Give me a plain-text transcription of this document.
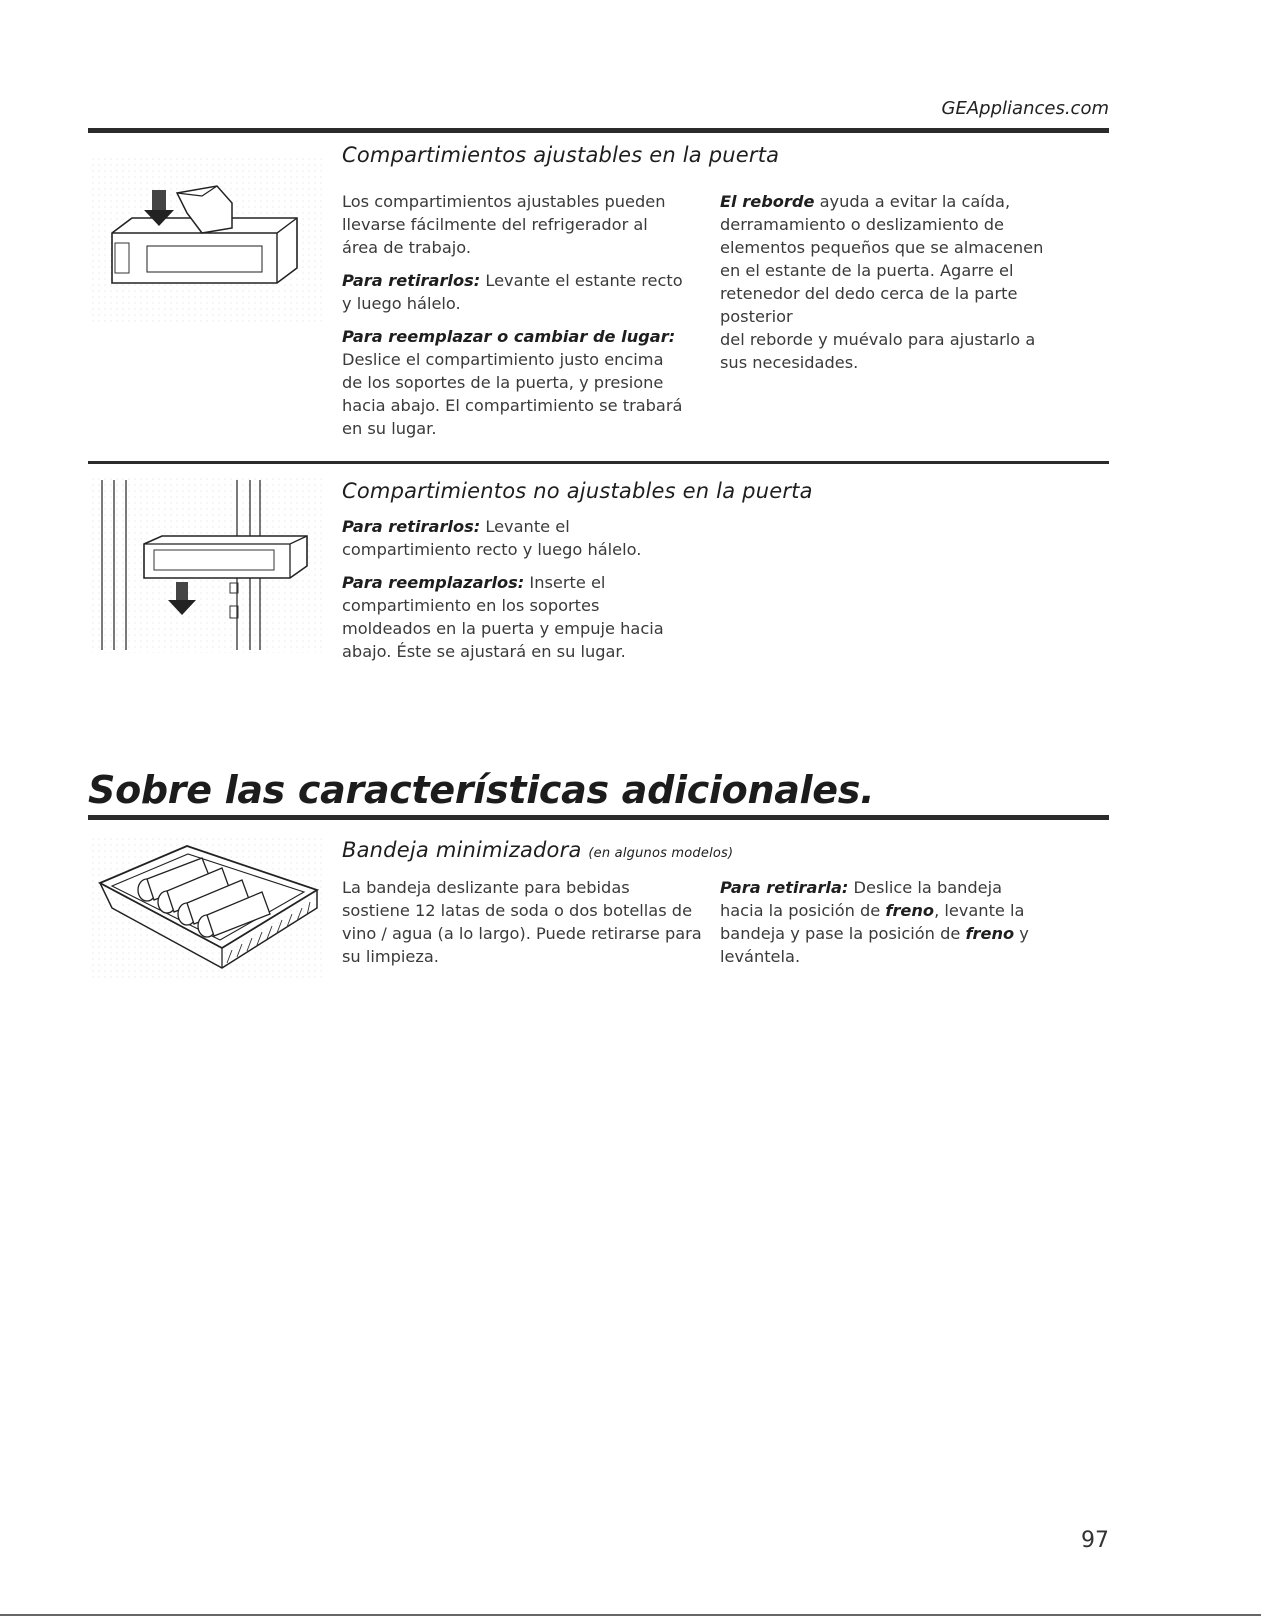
GEAppliances.com
Compartimientos ajustables en la puerta

Los compartimientos ajustables pueden llevarse fácilmente del refrigerador al área de trabajo.

Para retirarlos: Levante el estante recto y luego hálelo.

Para reemplazar o cambiar de lugar:
Deslice el compartimiento justo encima de los soportes de la puerta, y presione hacia abajo. El compartimiento se trabará en su lugar.

El reborde ayuda a evitar la caída, derramamiento o deslizamiento de elementos pequeños que se almacenen en el estante de la puerta. Agarre el retenedor del dedo cerca de la parte posterior

del reborde y muévalo para ajustarlo a sus necesidades.

Compartimientos no ajustables en la puerta

Para retirarlos: Levante el compartimiento recto y luego hálelo.

Para reemplazarlos: Inserte el compartimiento en los soportes moldeados en la puerta y empuje hacia abajo. Éste se ajustará en su lugar.

Sobre las características adicionales.
Bandeja minimizadora (en algunos modelos)

La bandeja deslizante para bebidas sostiene 12 latas de soda o dos botellas de vino / agua (a lo largo). Puede retirarse para su limpieza.

Para retirarla: Deslice la bandeja hacia la posición de freno, levante la bandeja y pase la posición de freno y levántela.

97
